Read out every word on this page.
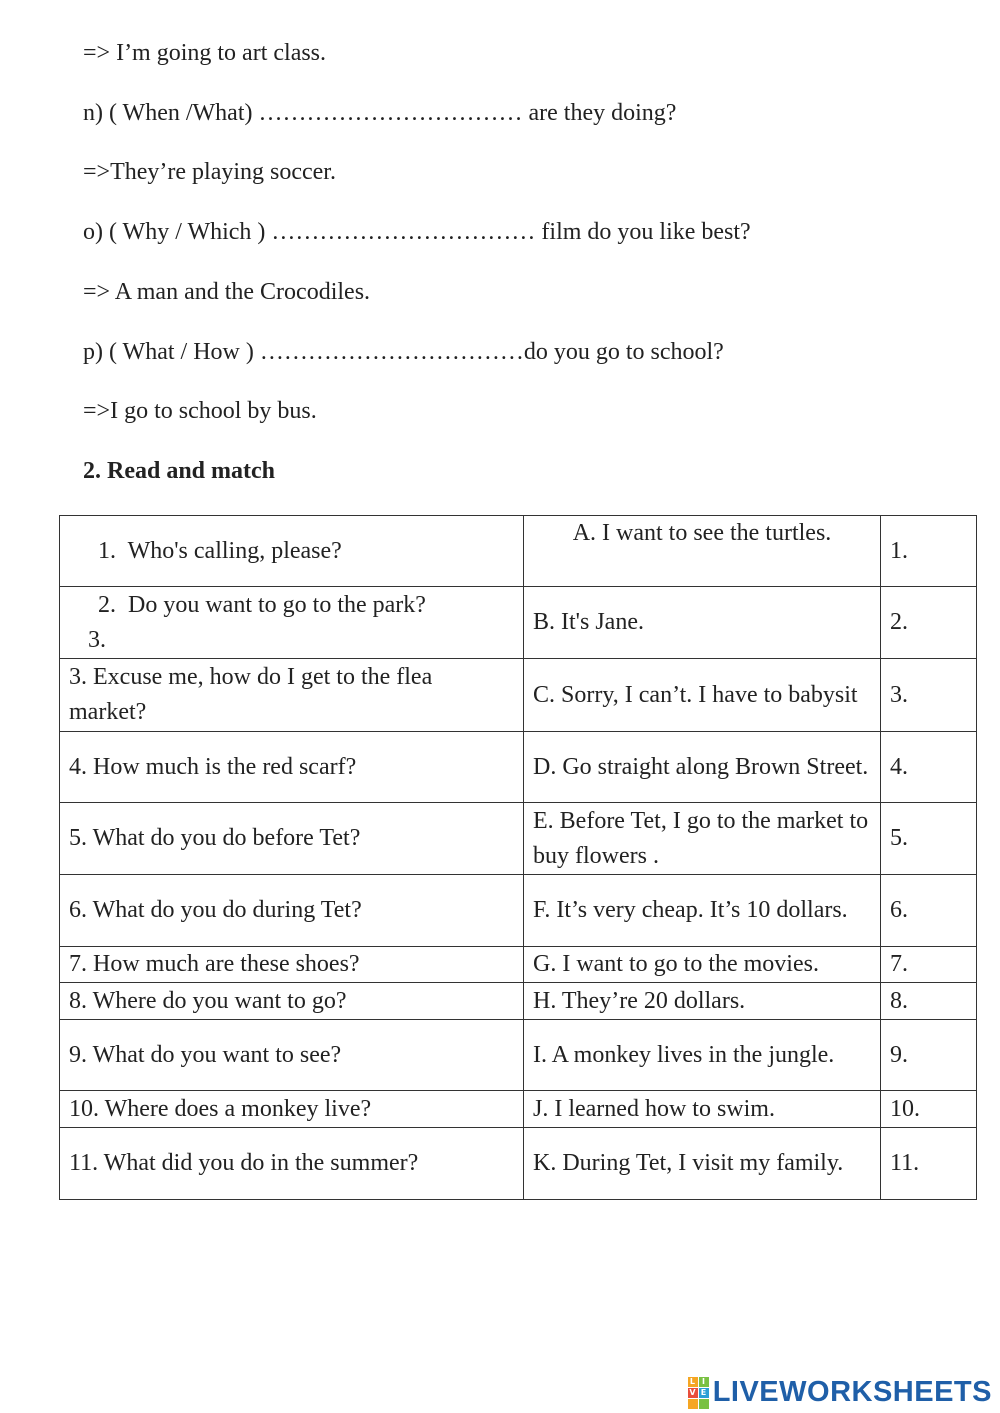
=> I’m going to art class.
n) ( When /What) …………………………… are they doing?
=>They’re playing soccer.
o) ( Why / Which ) …………………………… film do you like best?
=> A man and the Crocodiles.
p) ( What / How ) ……………………………do you go to school?
=>I go to school by bus.
2. Read and match
1.  Who's calling, please?	A. I want to see the turtles.	1.

2.  Do you want to go to the park?
3.	B. It's Jane.	2.
3. Excuse me, how do I get to the flea market?	C. Sorry, I can’t. I have to babysit	3.
4. How much is the red scarf?	D. Go straight along Brown Street.	4.
5. What do you do before Tet?	E. Before Tet, I go to the market to buy flowers .	5.
6. What do you do during Tet?	F. It’s very cheap. It’s 10 dollars.	6.
7. How much are these shoes?	G. I want to go to the movies.	7.
8. Where do you want to go?	H. They’re 20 dollars.	8.
9. What do you want to see?	I. A monkey lives in the jungle.	9.
10. Where does a monkey live?	J. I learned how to swim.	10.
11. What did you do in the summer?	K. During Tet, I visit my family.	11.
L I
V E LIVEWORKSHEETS
